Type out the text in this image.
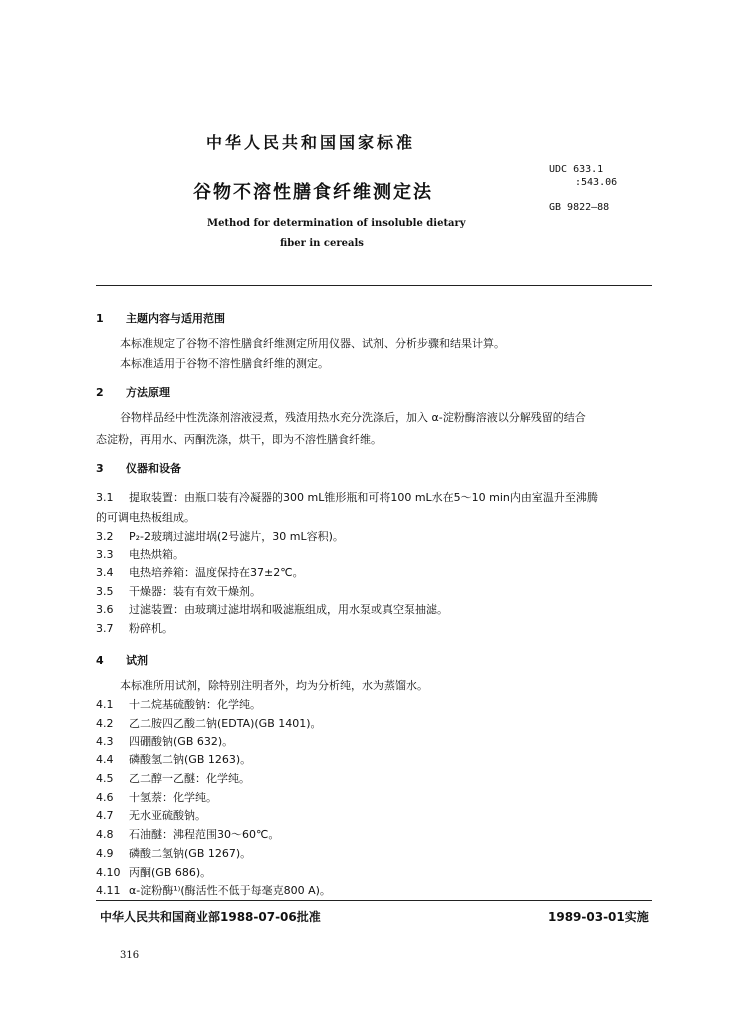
中华人民共和国国家标准
谷物不溶性膳食纤维测定法
Method for determination of insoluble dietary
fiber in cereals
UDC 633.1
:543.06
GB 9822—88
1 主题内容与适用范围
本标准规定了谷物不溶性膳食纤维测定所用仪器、试剂、分析步骤和结果计算。
本标准适用于谷物不溶性膳食纤维的测定。
2 方法原理
谷物样品经中性洗涤剂溶液浸煮，残渣用热水充分洗涤后，加入 α-淀粉酶溶液以分解残留的结合
态淀粉，再用水、丙酮洗涤，烘干，即为不溶性膳食纤维。
3 仪器和设备
3.1 提取装置：由瓶口装有冷凝器的300 mL锥形瓶和可将100 mL水在5～10 min内由室温升至沸腾
的可调电热板组成。
3.2 P₂-2玻璃过滤坩埚(2号滤片，30 mL容积)。
3.3 电热烘箱。
3.4 电热培养箱：温度保持在37±2℃。
3.5 干燥器：装有有效干燥剂。
3.6 过滤装置：由玻璃过滤坩埚和吸滤瓶组成，用水泵或真空泵抽滤。
3.7 粉碎机。
4 试剂
本标准所用试剂，除特别注明者外，均为分析纯，水为蒸馏水。
4.1 十二烷基硫酸钠：化学纯。
4.2 乙二胺四乙酸二钠(EDTA)(GB 1401)。
4.3 四硼酸钠(GB 632)。
4.4 磷酸氢二钠(GB 1263)。
4.5 乙二醇一乙醚：化学纯。
4.6 十氢萘：化学纯。
4.7 无水亚硫酸钠。
4.8 石油醚：沸程范围30～60℃。
4.9 磷酸二氢钠(GB 1267)。
4.10 丙酮(GB 686)。
4.11 α-淀粉酶¹⁾(酶活性不低于每毫克800 A)。
中华人民共和国商业部1988-07-06批准	1989-03-01实施
316
